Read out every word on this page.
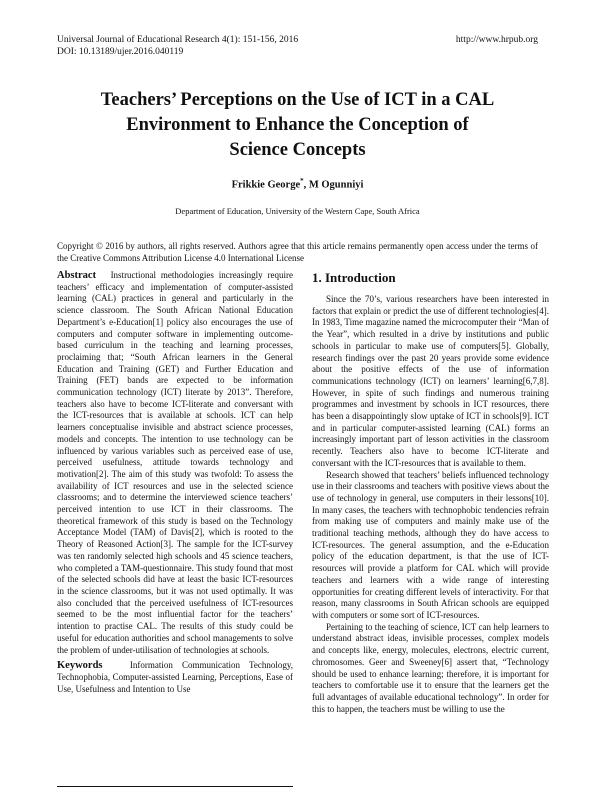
Universal Journal of Educational Research 4(1): 151-156, 2016
DOI: 10.13189/ujer.2016.040119
http://www.hrpub.org
Teachers’ Perceptions on the Use of ICT in a CAL
Environment to Enhance the Conception of
Science Concepts
Frikkie George*, M Ogunniyi
Department of Education, University of the Western Cape, South Africa
Copyright © 2016 by authors, all rights reserved. Authors agree that this article remains permanently open access under the terms of the Creative Commons Attribution License 4.0 International License
Abstract Instructional methodologies increasingly require teachers’ efficacy and implementation of computer-assisted learning (CAL) practices in general and particularly in the science classroom. The South African National Education Department’s e-Education[1] policy also encourages the use of computers and computer software in implementing outcome-based curriculum in the teaching and learning processes, proclaiming that; “South African learners in the General Education and Training (GET) and Further Education and Training (FET) bands are expected to be information communication technology (ICT) literate by 2013”. Therefore, teachers also have to become ICT-literate and conversant with the ICT-resources that is available at schools. ICT can help learners conceptualise invisible and abstract science processes, models and concepts. The intention to use technology can be influenced by various variables such as perceived ease of use, perceived usefulness, attitude towards technology and motivation[2]. The aim of this study was twofold: To assess the availability of ICT resources and use in the selected science classrooms; and to determine the interviewed science teachers’ perceived intention to use ICT in their classrooms. The theoretical framework of this study is based on the Technology Acceptance Model (TAM) of Davis[2], which is rooted to the Theory of Reasoned Action[3]. The sample for the ICT-survey was ten randomly selected high schools and 45 science teachers, who completed a TAM-questionnaire. This study found that most of the selected schools did have at least the basic ICT-resources in the science classrooms, but it was not used optimally. It was also concluded that the perceived usefulness of ICT-resources seemed to be the most influential factor for the teachers’ intention to practise CAL. The results of this study could be useful for education authorities and school managements to solve the problem of under-utilisation of technologies at schools.
Keywords	Information Communication Technology, Technophobia, Computer-assisted Learning, Perceptions, Ease of Use, Usefulness and Intention to Use
1. Introduction

Since the 70’s, various researchers have been interested in factors that explain or predict the use of different technologies[4]. In 1983, Time magazine named the microcomputer their “Man of the Year”, which resulted in a drive by institutions and public schools in particular to make use of computers[5]. Globally, research findings over the past 20 years provide some evidence about the positive effects of the use of information communications technology (ICT) on learners’ learning[6,7,8]. However, in spite of such findings and numerous training programmes and investment by schools in ICT resources, there has been a disappointingly slow uptake of ICT in schools[9]. ICT and in particular computer-assisted learning (CAL) forms an increasingly important part of lesson activities in the classroom recently. Teachers also have to become ICT-literate and conversant with the ICT-resources that is available to them.

Research showed that teachers’ beliefs influenced technology use in their classrooms and teachers with positive views about the use of technology in general, use computers in their lessons[10]. In many cases, the teachers with technophobic tendencies refrain from making use of computers and mainly make use of the traditional teaching methods, although they do have access to ICT-resources. The general assumption, and the e-Education policy of the education department, is that the use of ICT-resources will provide a platform for CAL which will provide teachers and learners with a wide range of interesting opportunities for creating different levels of interactivity. For that reason, many classrooms in South African schools are equipped with computers or some sort of ICT-resources.

Pertaining to the teaching of science, ICT can help learners to understand abstract ideas, invisible processes, complex models and concepts like, energy, molecules, electrons, electric current, chromosomes. Geer and Sweeney[6] assert that, “Technology should be used to enhance learning; therefore, it is important for teachers to comfortable use it to ensure that the learners get the full advantages of available educational technology”. In order for this to happen, the teachers must be willing to use the
